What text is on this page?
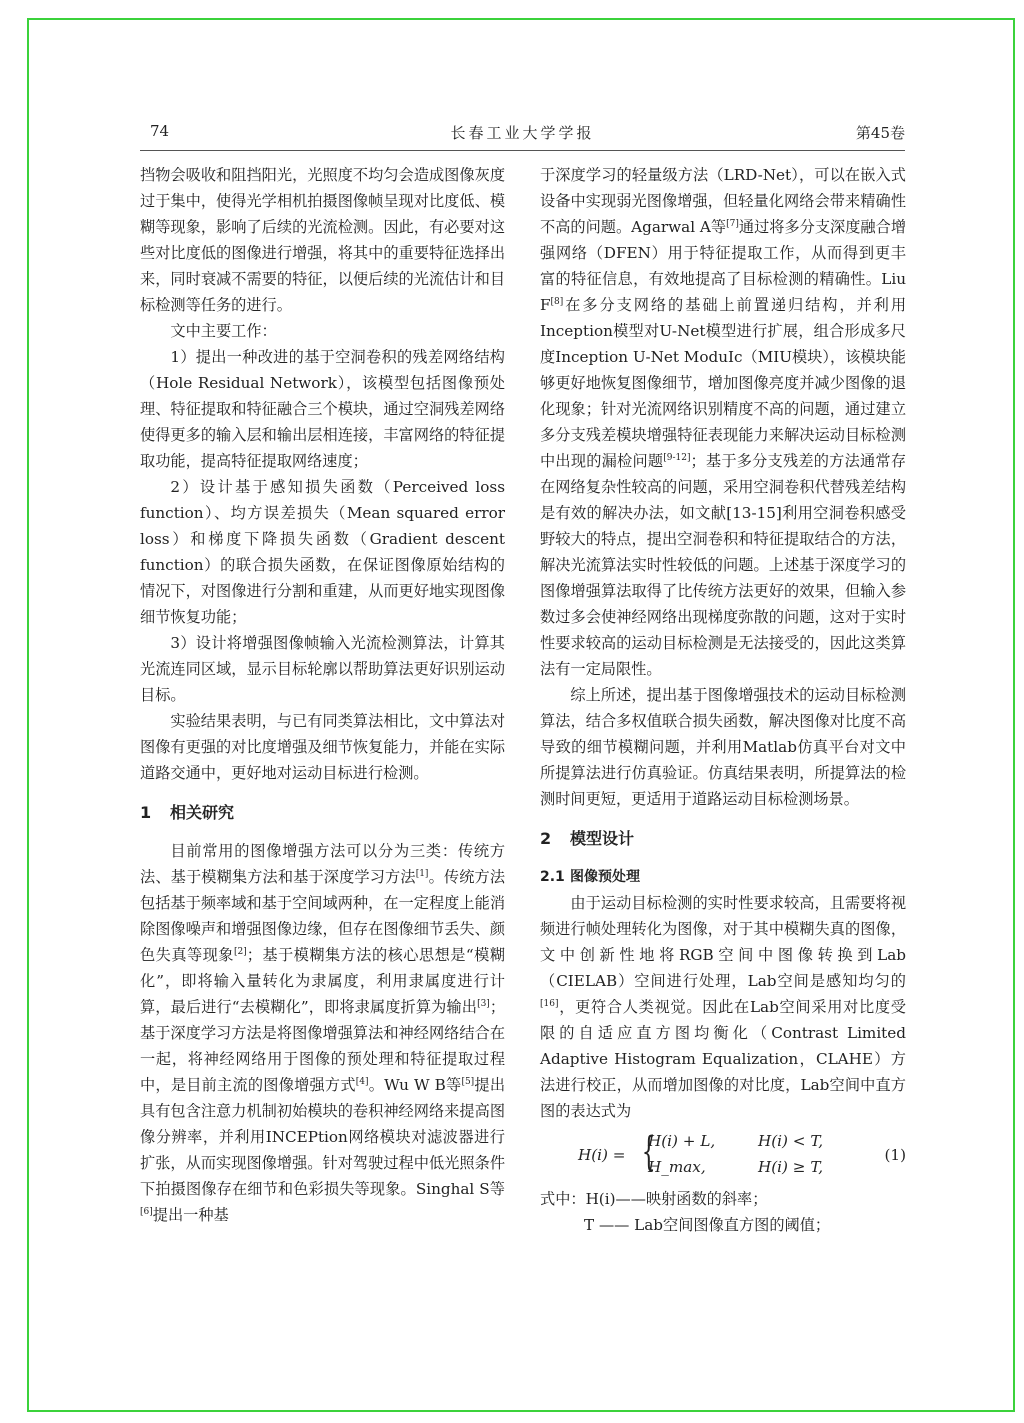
74	长春工业大学学报	第45卷

挡物会吸收和阻挡阳光，光照度不均匀会造成图像灰度过于集中，使得光学相机拍摄图像帧呈现对比度低、模糊等现象，影响了后续的光流检测。因此，有必要对这些对比度低的图像进行增强，将其中的重要特征选择出来，同时衰减不需要的特征，以便后续的光流估计和目标检测等任务的进行。

文中主要工作：

1）提出一种改进的基于空洞卷积的残差网络结构（Hole Residual Network），该模型包括图像预处理、特征提取和特征融合三个模块，通过空洞残差网络使得更多的输入层和输出层相连接，丰富网络的特征提取功能，提高特征提取网络速度；

2）设计基于感知损失函数（Perceived loss function）、均方误差损失（Mean squared error loss）和梯度下降损失函数（Gradient descent function）的联合损失函数，在保证图像原始结构的情况下，对图像进行分割和重建，从而更好地实现图像细节恢复功能；

3）设计将增强图像帧输入光流检测算法，计算其光流连同区域，显示目标轮廓以帮助算法更好识别运动目标。

实验结果表明，与已有同类算法相比，文中算法对图像有更强的对比度增强及细节恢复能力，并能在实际道路交通中，更好地对运动目标进行检测。

1 相关研究

目前常用的图像增强方法可以分为三类：传统方法、基于模糊集方法和基于深度学习方法[1]。传统方法包括基于频率域和基于空间域两种，在一定程度上能消除图像噪声和增强图像边缘，但存在图像细节丢失、颜色失真等现象[2]；基于模糊集方法的核心思想是“模糊化”，即将输入量转化为隶属度，利用隶属度进行计算，最后进行“去模糊化”，即将隶属度折算为输出[3]；基于深度学习方法是将图像增强算法和神经网络结合在一起，将神经网络用于图像的预处理和特征提取过程中，是目前主流的图像增强方式[4]。Wu W B等[5]提出具有包含注意力机制初始模块的卷积神经网络来提高图像分辨率，并利用INCEPtion网络模块对滤波器进行扩张，从而实现图像增强。针对驾驶过程中低光照条件下拍摄图像存在细节和色彩损失等现象。Singhal S等[6]提出一种基

于深度学习的轻量级方法（LRD-Net），可以在嵌入式设备中实现弱光图像增强，但轻量化网络会带来精确性不高的问题。Agarwal A等[7]通过将多分支深度融合增强网络（DFEN）用于特征提取工作，从而得到更丰富的特征信息，有效地提高了目标检测的精确性。Liu F[8]在多分支网络的基础上前置递归结构，并利用Inception模型对U-Net模型进行扩展，组合形成多尺度Inception U-Net ModuIc（MIU模块），该模块能够更好地恢复图像细节，增加图像亮度并减少图像的退化现象；针对光流网络识别精度不高的问题，通过建立多分支残差模块增强特征表现能力来解决运动目标检测中出现的漏检问题[9-12]；基于多分支残差的方法通常存在网络复杂性较高的问题，采用空洞卷积代替残差结构是有效的解决办法，如文献[13-15]利用空洞卷积感受野较大的特点，提出空洞卷积和特征提取结合的方法，解决光流算法实时性较低的问题。上述基于深度学习的图像增强算法取得了比传统方法更好的效果，但输入参数过多会使神经网络出现梯度弥散的问题，这对于实时性要求较高的运动目标检测是无法接受的，因此这类算法有一定局限性。

综上所述，提出基于图像增强技术的运动目标检测算法，结合多权值联合损失函数，解决图像对比度不高导致的细节模糊问题，并利用Matlab仿真平台对文中所提算法进行仿真验证。仿真结果表明，所提算法的检测时间更短，更适用于道路运动目标检测场景。

2 模型设计
2.1 图像预处理

由于运动目标检测的实时性要求较高，且需要将视频进行帧处理转化为图像，对于其中模糊失真的图像，文中创新性地将RGB空间中图像转换到Lab（CIELAB）空间进行处理，Lab空间是感知均匀的[16]，更符合人类视觉。因此在Lab空间采用对比度受限的自适应直方图均衡化（Contrast Limited Adaptive Histogram Equalization，CLAHE）方法进行校正，从而增加图像的对比度，Lab空间中直方图的表达式为

H(i) = {
H(i) + L,	H(i) < T,
H_max,	H(i) ≥ T,
(1)

式中：H(i)——映射函数的斜率；

T —— Lab空间图像直方图的阈值；
